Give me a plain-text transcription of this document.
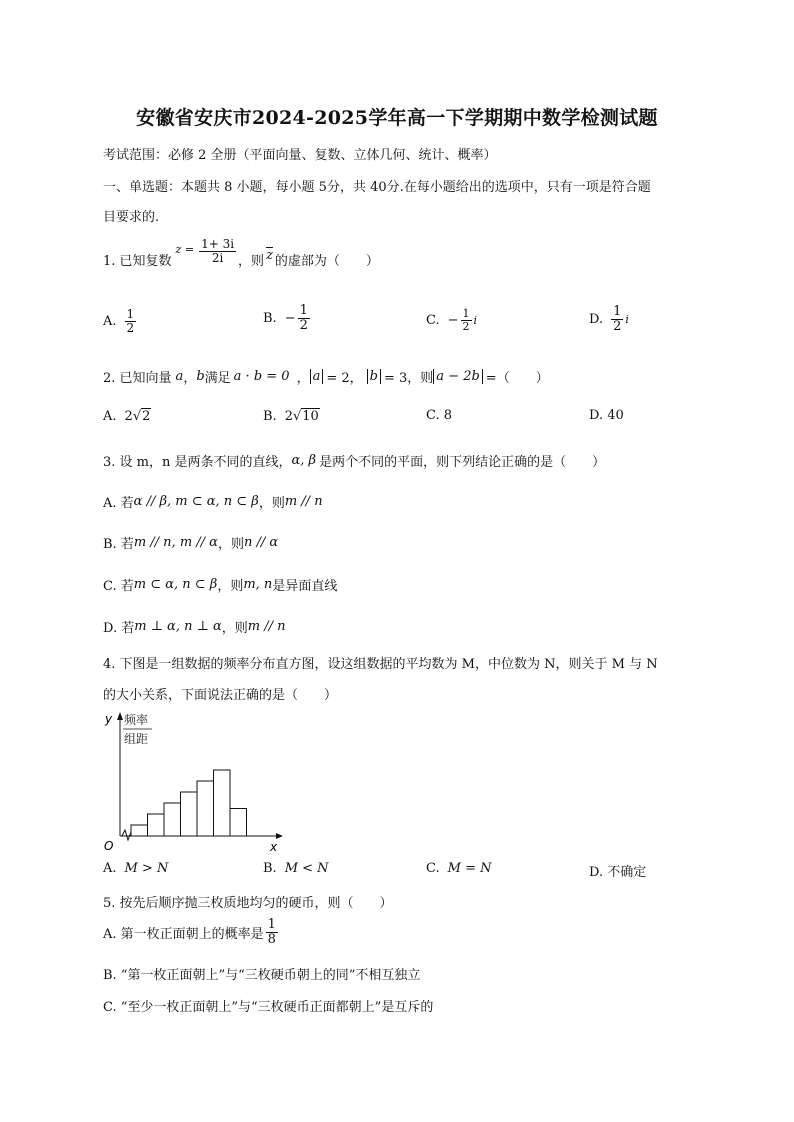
安徽省安庆市2024-2025学年高一下学期期中数学检测试题
考试范围：必修 2 全册（平面向量、复数、立体几何、统计、概率）
一、单选题：本题共 8 小题，每小题 5分，共 40分.在每小题给出的选项中，只有一项是符合题
目要求的.
1. 已知复数
$z = \frac{1+ 3i}{2i}$ ，则 $\overline{z}$ 的虚部为（　　）
A. $\frac{1}{2}$	B. − $\frac{1}{2}$	C. − $\frac{1}{2}$ i	D. $\frac{1}{2}$ i
2. 已知向量 a ， b 满足 a · b = 0 ， a = 2， b = 3，则 a − 2b =（　　）
A. 2 √ 2	B. 2 √ 10	C. 8	D. 40
3. 设 m，n 是两条不同的直线， α, β 是两个不同的平面，则下列结论正确的是（　　）
A. 若 α // β, m ⊂ α, n ⊂ β ，则 m // n
B. 若 m // n, m // α ，则 n // α
C. 若 m ⊂ α, n ⊂ β ，则 m, n 是异面直线
D. 若 m ⊥ α, n ⊥ α ，则 m // n
4. 下图是一组数据的频率分布直方图，设这组数据的平均数为 M，中位数为 N，则关于 M 与 N
的大小关系，下面说法正确的是（　　）
y 频率
组距
O	x
A. M > N	B. M < N	C. M = N	D. 不确定
5. 按先后顺序抛三枚质地均匀的硬币，则（　　）
A. 第一枚正面朝上的概率是 $\frac{1}{8}$
B. “第一枚正面朝上”与“三枚硬币朝上的同”不相互独立
C. “至少一枚正面朝上”与“三枚硬币正面都朝上”是互斥的
